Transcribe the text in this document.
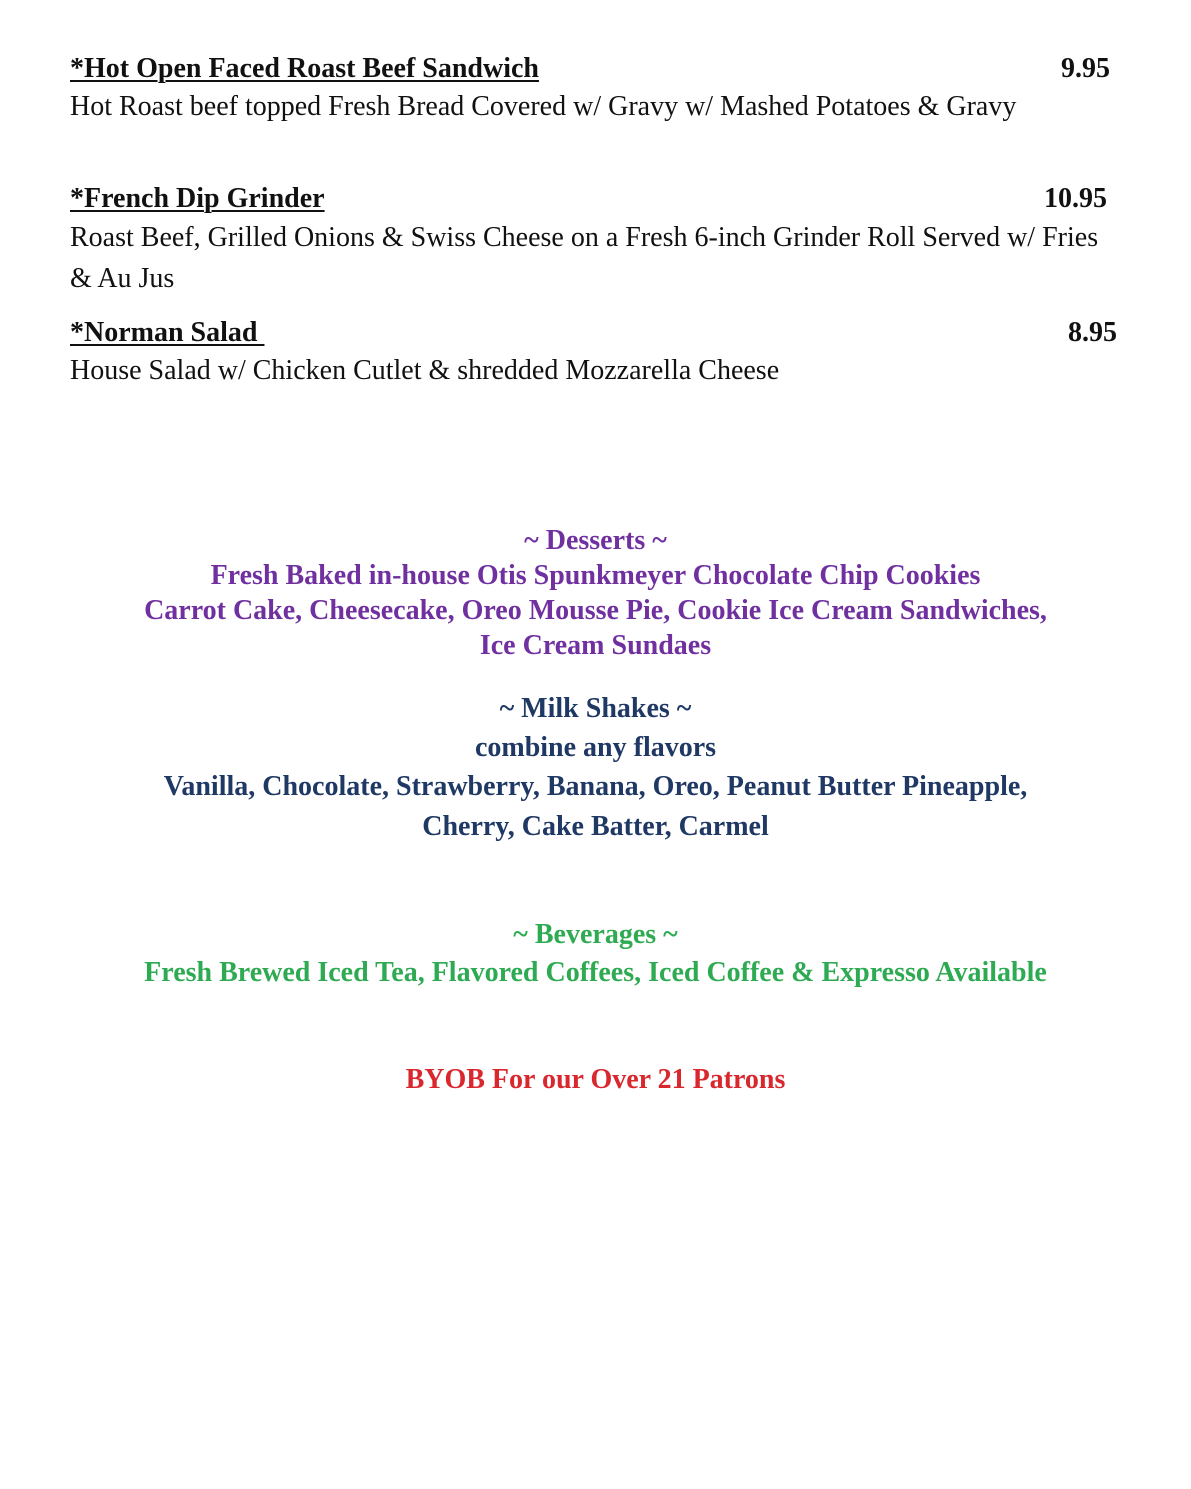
*Hot Open Faced Roast Beef Sandwich	9.95

Hot Roast beef topped Fresh Bread Covered w/ Gravy w/ Mashed Potatoes & Gravy

*French Dip Grinder	10.95

Roast Beef, Grilled Onions & Swiss Cheese on a Fresh 6-inch Grinder Roll Served w/ Fries & Au Jus

*Norman Salad	8.95

House Salad w/ Chicken Cutlet & shredded Mozzarella Cheese

~ Desserts ~
Fresh Baked in-house Otis Spunkmeyer Chocolate Chip Cookies
Carrot Cake, Cheesecake, Oreo Mousse Pie, Cookie Ice Cream Sandwiches,
Ice Cream Sundaes
~ Milk Shakes ~
combine any flavors
Vanilla, Chocolate, Strawberry, Banana, Oreo, Peanut Butter Pineapple,
Cherry, Cake Batter, Carmel
~ Beverages ~
Fresh Brewed Iced Tea, Flavored Coffees, Iced Coffee & Expresso Available
BYOB For our Over 21 Patrons
